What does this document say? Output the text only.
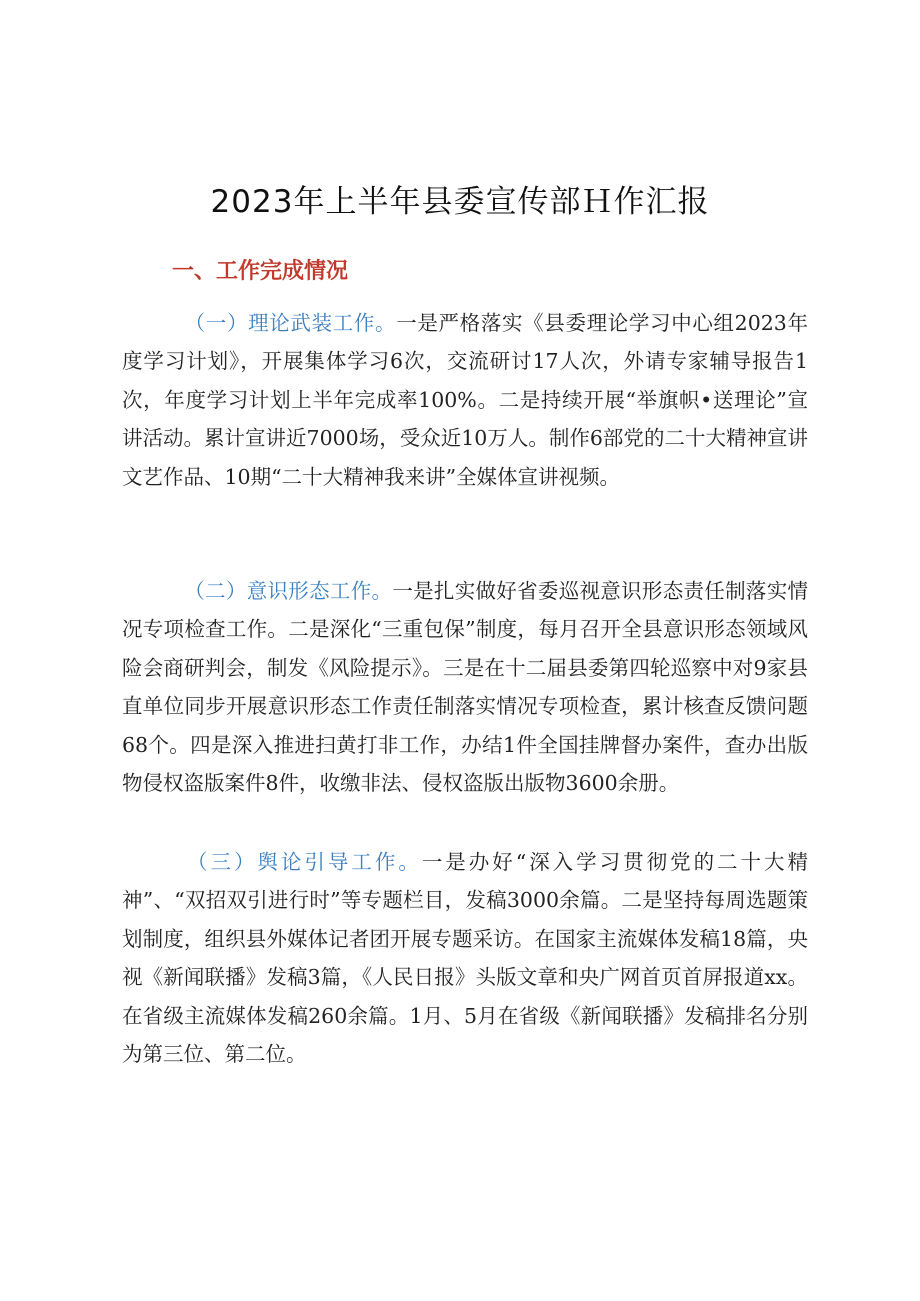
2023年上半年县委宣传部Ｈ作汇报
一、工作完成情况

（一）理论武装工作。一是严格落实《县委理论学习中心组2023年度学习计划》，开展集体学习6次，交流研讨17人次，外请专家辅导报告1次，年度学习计划上半年完成率100%。二是持续开展“举旗帜•送理论”宣讲活动。累计宣讲近7000场，受众近10万人。制作6部党的二十大精神宣讲文艺作品、10期“二十大精神我来讲”全媒体宣讲视频。

（二）意识形态工作。一是扎实做好省委巡视意识形态责任制落实情况专项检查工作。二是深化“三重包保”制度，每月召开全县意识形态领域风险会商研判会，制发《风险提示》。三是在十二届县委第四轮巡察中对9家县直单位同步开展意识形态工作责任制落实情况专项检查，累计核查反馈问题68个。四是深入推进扫黄打非工作，办结1件全国挂牌督办案件，查办出版物侵权盗版案件8件，收缴非法、侵权盗版出版物3600余册。

（三）舆论引导工作。一是办好“深入学习贯彻党的二十大精神”、“双招双引进行时”等专题栏目，发稿3000余篇。二是坚持每周选题策划制度，组织县外媒体记者团开展专题采访。在国家主流媒体发稿18篇，央视《新闻联播》发稿3篇，《人民日报》头版文章和央广网首页首屏报道xx。在省级主流媒体发稿260余篇。1月、5月在省级《新闻联播》发稿排名分别为第三位、第二位。
